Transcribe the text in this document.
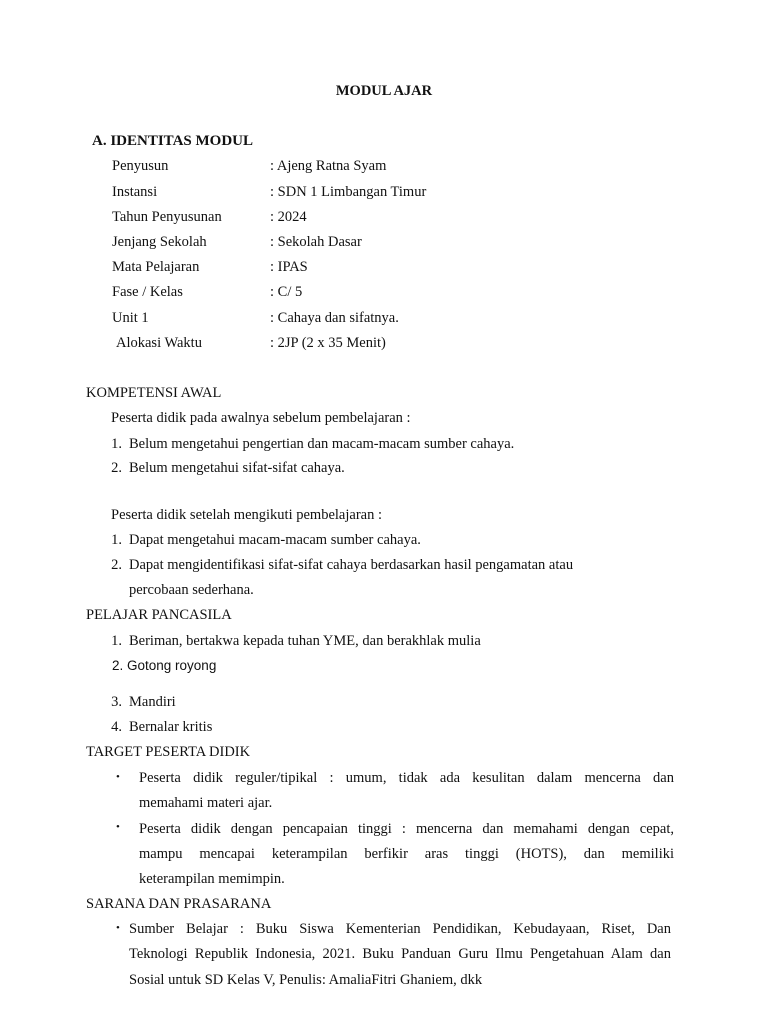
MODUL AJAR
A. IDENTITAS MODUL
Penyusun	: Ajeng Ratna Syam
Instansi	: SDN 1 Limbangan Timur
Tahun Penyusunan	: 2024
Jenjang Sekolah	: Sekolah Dasar
Mata Pelajaran	: IPAS
Fase / Kelas	: C/ 5
Unit 1	: Cahaya dan sifatnya.
Alokasi Waktu	: 2JP (2 x 35 Menit)
KOMPETENSI AWAL
Peserta didik pada awalnya sebelum pembelajaran :
1. Belum mengetahui pengertian dan macam-macam sumber cahaya.
2. Belum mengetahui sifat-sifat cahaya.
Peserta didik setelah mengikuti pembelajaran :
1. Dapat mengetahui macam-macam sumber cahaya.
2. Dapat mengidentifikasi sifat-sifat cahaya berdasarkan hasil pengamatan atau
percobaan sederhana.
PELAJAR PANCASILA
1. Beriman, bertakwa kepada tuhan YME, dan berakhlak mulia
2. Gotong royong
3. Mandiri
4. Bernalar kritis
TARGET PESERTA DIDIK
• Peserta didik reguler/tipikal : umum, tidak ada kesulitan dalam mencerna dan
memahami materi ajar.
• Peserta didik dengan pencapaian tinggi : mencerna dan memahami dengan cepat,
mampu mencapai keterampilan berfikir aras tinggi (HOTS), dan memiliki
keterampilan memimpin.
SARANA DAN PRASARANA
• Sumber Belajar : Buku Siswa Kementerian Pendidikan, Kebudayaan, Riset, Dan
Teknologi Republik Indonesia, 2021. Buku Panduan Guru Ilmu Pengetahuan Alam dan
Sosial untuk SD Kelas V, Penulis: AmaliaFitri Ghaniem, dkk
